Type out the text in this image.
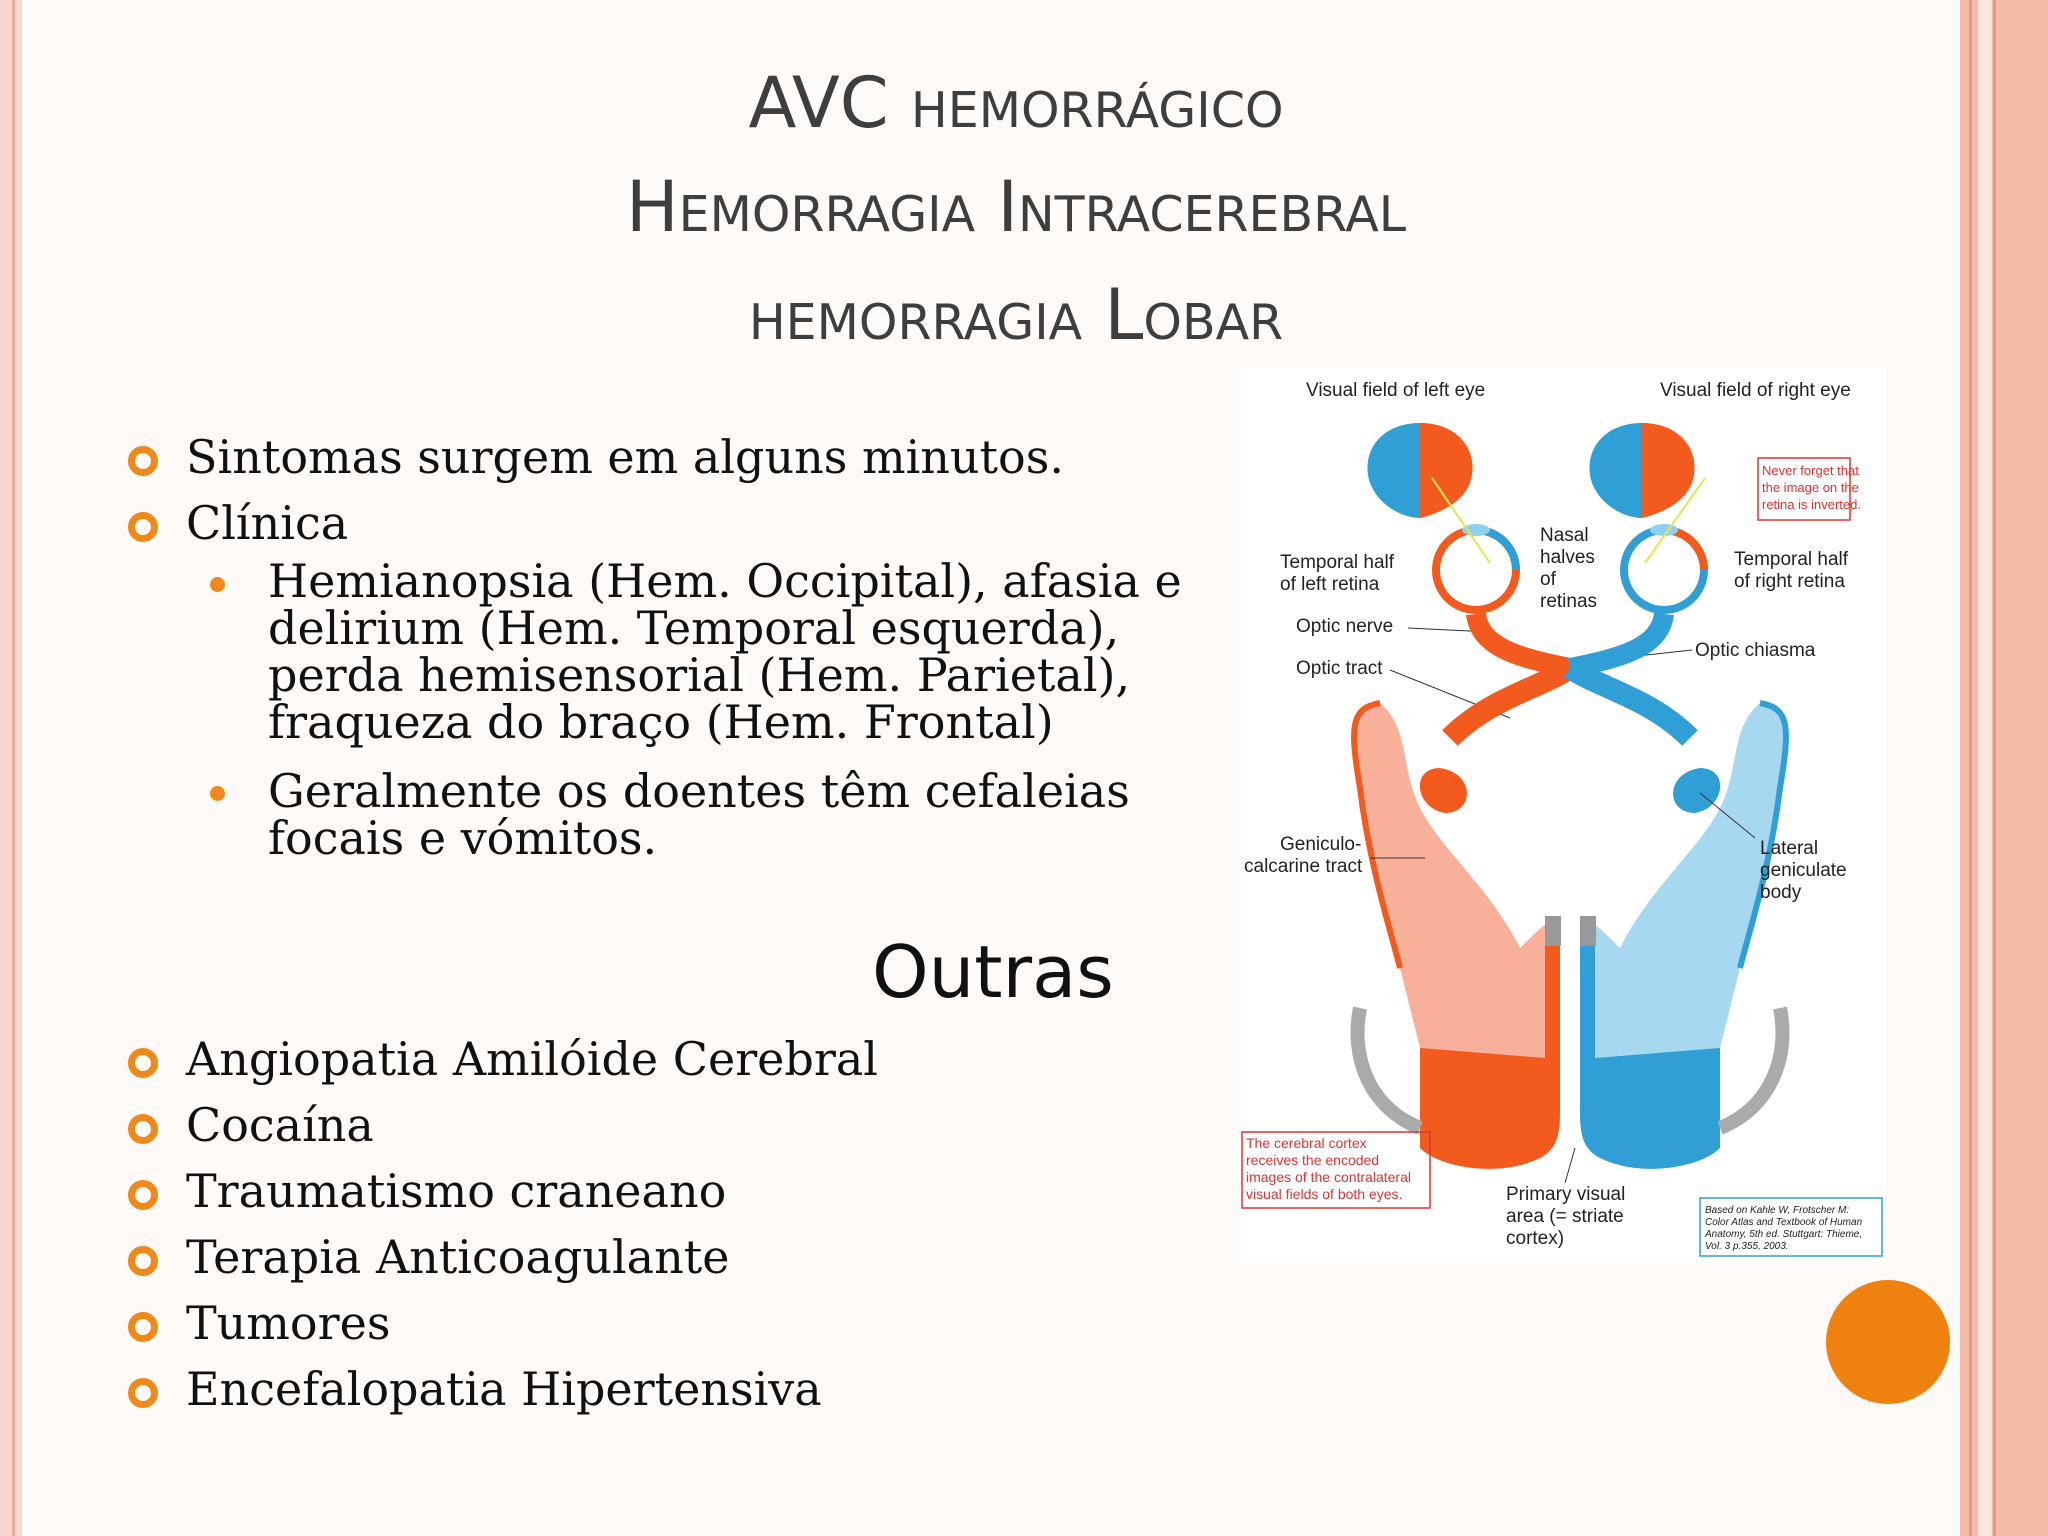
AVC hemorrágico
Hemorragia Intracerebral
hemorragia Lobar
Sintomas surgem em alguns minutos.
Clínica
Hemianopsia (Hem. Occipital), afasia e
delirium (Hem. Temporal esquerda),
perda hemisensorial (Hem. Parietal),
fraqueza do braço (Hem. Frontal)
Geralmente os doentes têm cefaleias
focais e vómitos.
Outras
Angiopatia Amilóide Cerebral
Cocaína
Traumatismo craneano
Terapia Anticoagulante
Tumores
Encefalopatia Hipertensiva
Visual field of left eye	Visual field of right eye
Never forget that
the image on the
retina is inverted.
Temporal half
of left retina
Nasal
halves
of
retinas
Temporal half
of right retina
Optic nerve
Optic chiasma
Optic tract
Geniculo-
calcarine tract
Lateral
geniculate
body
The cerebral cortex
receives the encoded
images of the contralateral
visual fields of both eyes.	Primary visual
area (= striate
cortex)
Based on Kahle W, Frotscher M:
Color Atlas and Textbook of Human
Anatomy, 5th ed. Stuttgart: Thieme,
Vol. 3 p.355, 2003.
